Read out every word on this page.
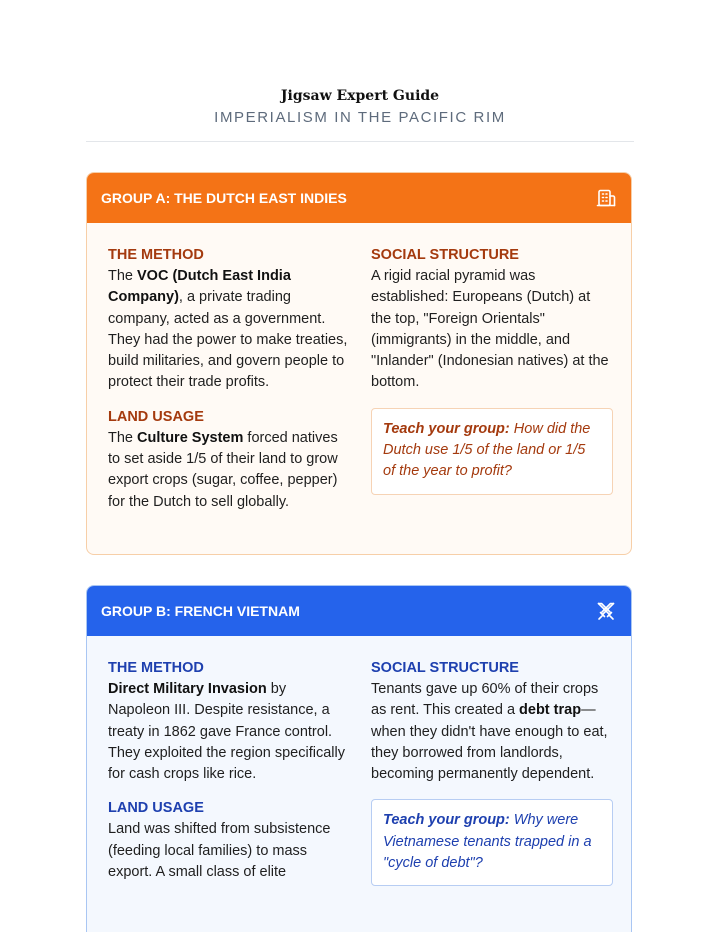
Jigsaw Expert Guide
IMPERIALISM IN THE PACIFIC RIM
GROUP A: THE DUTCH EAST INDIES
THE METHOD
The VOC (Dutch East India Company), a private trading company, acted as a government. They had the power to make treaties, build militaries, and govern people to protect their trade profits.
LAND USAGE
The Culture System forced natives to set aside 1/5 of their land to grow export crops (sugar, coffee, pepper) for the Dutch to sell globally.
SOCIAL STRUCTURE
A rigid racial pyramid was established: Europeans (Dutch) at the top, "Foreign Orientals" (immigrants) in the middle, and "Inlander" (Indonesian natives) at the bottom.
Teach your group: How did the Dutch use 1/5 of the land or 1/5 of the year to profit?
GROUP B: FRENCH VIETNAM
THE METHOD
Direct Military Invasion by Napoleon III. Despite resistance, a treaty in 1862 gave France control. They exploited the region specifically for cash crops like rice.
LAND USAGE
Land was shifted from subsistence (feeding local families) to mass export. A small class of elite
SOCIAL STRUCTURE
Tenants gave up 60% of their crops as rent. This created a debt trap—when they didn't have enough to eat, they borrowed from landlords, becoming permanently dependent.
Teach your group: Why were Vietnamese tenants trapped in a "cycle of debt"?
